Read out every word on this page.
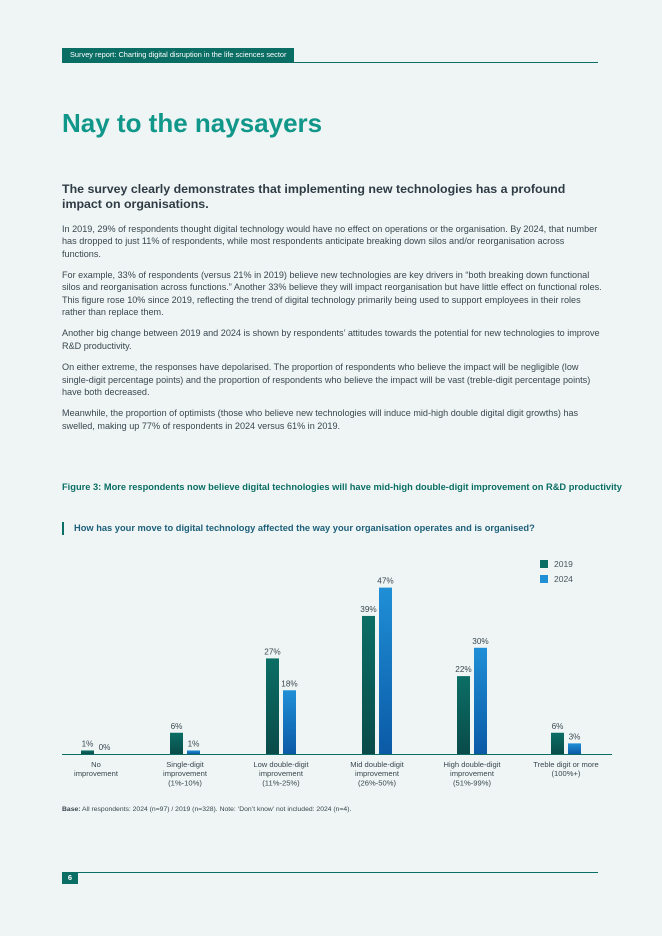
Survey report: Charting digital disruption in the life sciences sector
Nay to the naysayers

The survey clearly demonstrates that implementing new technologies has a profound impact on organisations.

In 2019, 29% of respondents thought digital technology would have no effect on operations or the organisation. By 2024, that number has dropped to just 11% of respondents, while most respondents anticipate breaking down silos and/or reorganisation across functions.

For example, 33% of respondents (versus 21% in 2019) believe new technologies are key drivers in “both breaking down functional silos and reorganisation across functions.” Another 33% believe they will impact reorganisation but have little effect on functional roles. This figure rose 10% since 2019, reflecting the trend of digital technology primarily being used to support employees in their roles rather than replace them.

Another big change between 2019 and 2024 is shown by respondents’ attitudes towards the potential for new technologies to improve R&D productivity.

On either extreme, the responses have depolarised. The proportion of respondents who believe the impact will be negligible (low single-digit percentage points) and the proportion of respondents who believe the impact will be vast (treble-digit percentage points) have both decreased.

Meanwhile, the proportion of optimists (those who believe new technologies will induce mid-high double digital digit growths) has swelled, making up 77% of respondents in 2024 versus 61% in 2019.

Figure 3: More respondents now believe digital technologies will have mid-high double-digit improvement on R&D productivity

How has your move to digital technology affected the way your organisation operates and is organised?
2019
2024
1% 0%
No improvement
6%
1%
Single-digit improvement (1%-10%)
27%
18%
Low double-digit improvement (11%-25%)
39%
47%
Mid double-digit improvement (26%-50%)
22%
30%
High double-digit improvement (51%-99%)
6%
3%
Treble digit or more (100%+)
Base: All respondents: 2024 (n=97) / 2019 (n=328). Note: ‘Don’t know’ not included: 2024 (n=4).
6
